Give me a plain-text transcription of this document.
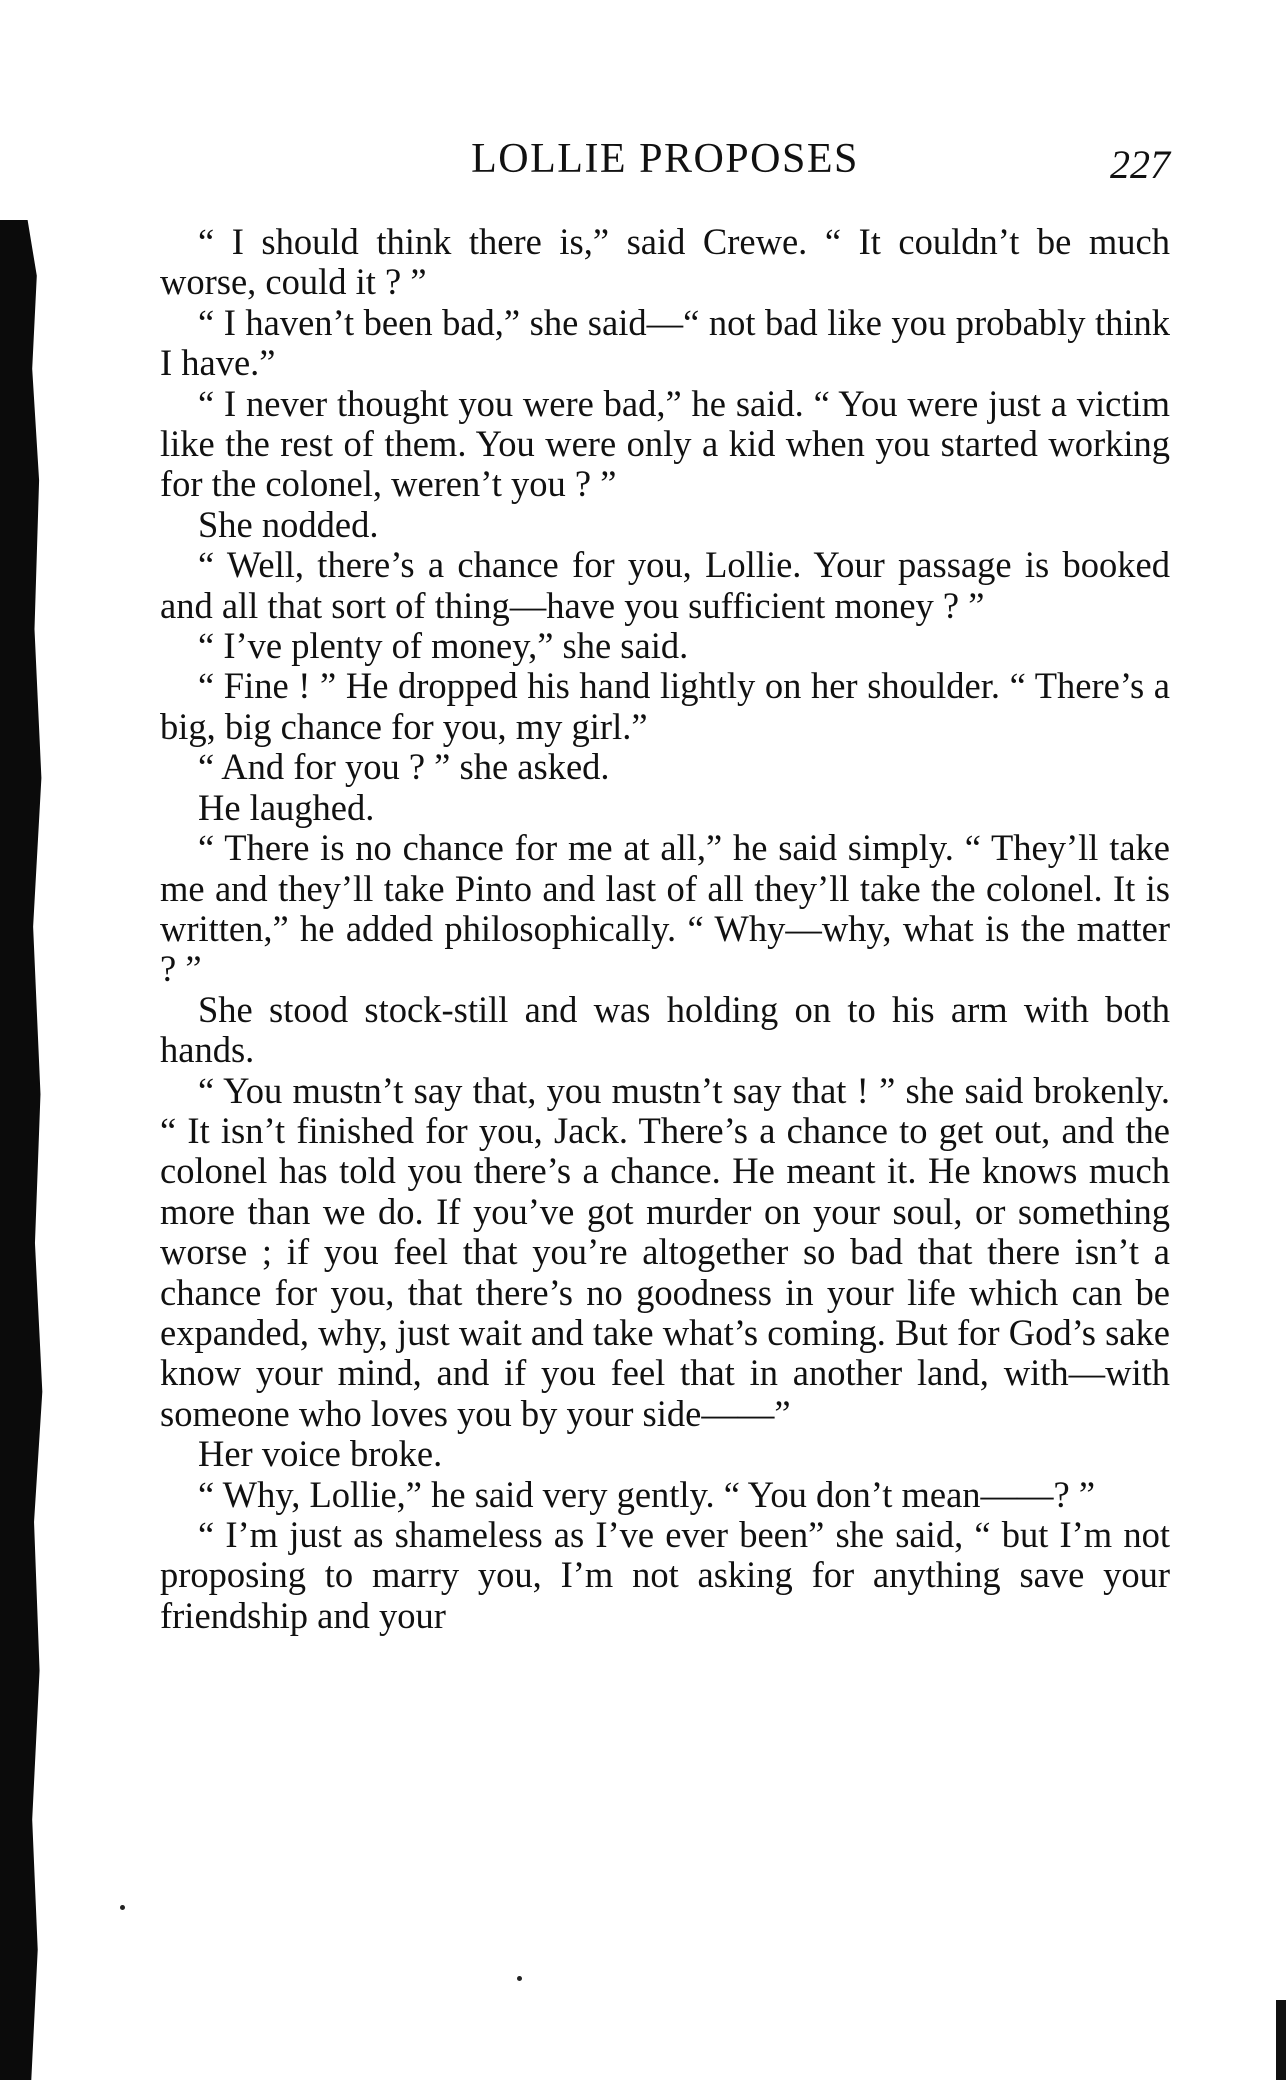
LOLLIE PROPOSES	227

“ I should think there is,” said Crewe. “ It couldn’t be much worse, could it ? ”

“ I haven’t been bad,” she said—“ not bad like you probably think I have.”

“ I never thought you were bad,” he said. “ You were just a victim like the rest of them. You were only a kid when you started working for the colonel, weren’t you ? ”

She nodded.

“ Well, there’s a chance for you, Lollie. Your passage is booked and all that sort of thing—have you sufficient money ? ”

“ I’ve plenty of money,” she said.

“ Fine ! ” He dropped his hand lightly on her shoulder. “ There’s a big, big chance for you, my girl.”

“ And for you ? ” she asked.

He laughed.

“ There is no chance for me at all,” he said simply. “ They’ll take me and they’ll take Pinto and last of all they’ll take the colonel. It is written,” he added philosophically. “ Why—why, what is the matter ? ”

She stood stock-still and was holding on to his arm with both hands.

“ You mustn’t say that, you mustn’t say that ! ” she said brokenly. “ It isn’t finished for you, Jack. There’s a chance to get out, and the colonel has told you there’s a chance. He meant it. He knows much more than we do. If you’ve got murder on your soul, or something worse ; if you feel that you’re altogether so bad that there isn’t a chance for you, that there’s no goodness in your life which can be expanded, why, just wait and take what’s coming. But for God’s sake know your mind, and if you feel that in another land, with—with someone who loves you by your side——”

Her voice broke.

“ Why, Lollie,” he said very gently. “ You don’t mean——? ”

“ I’m just as shameless as I’ve ever been” she said, “ but I’m not proposing to marry you, I’m not asking for anything save your friendship and your
